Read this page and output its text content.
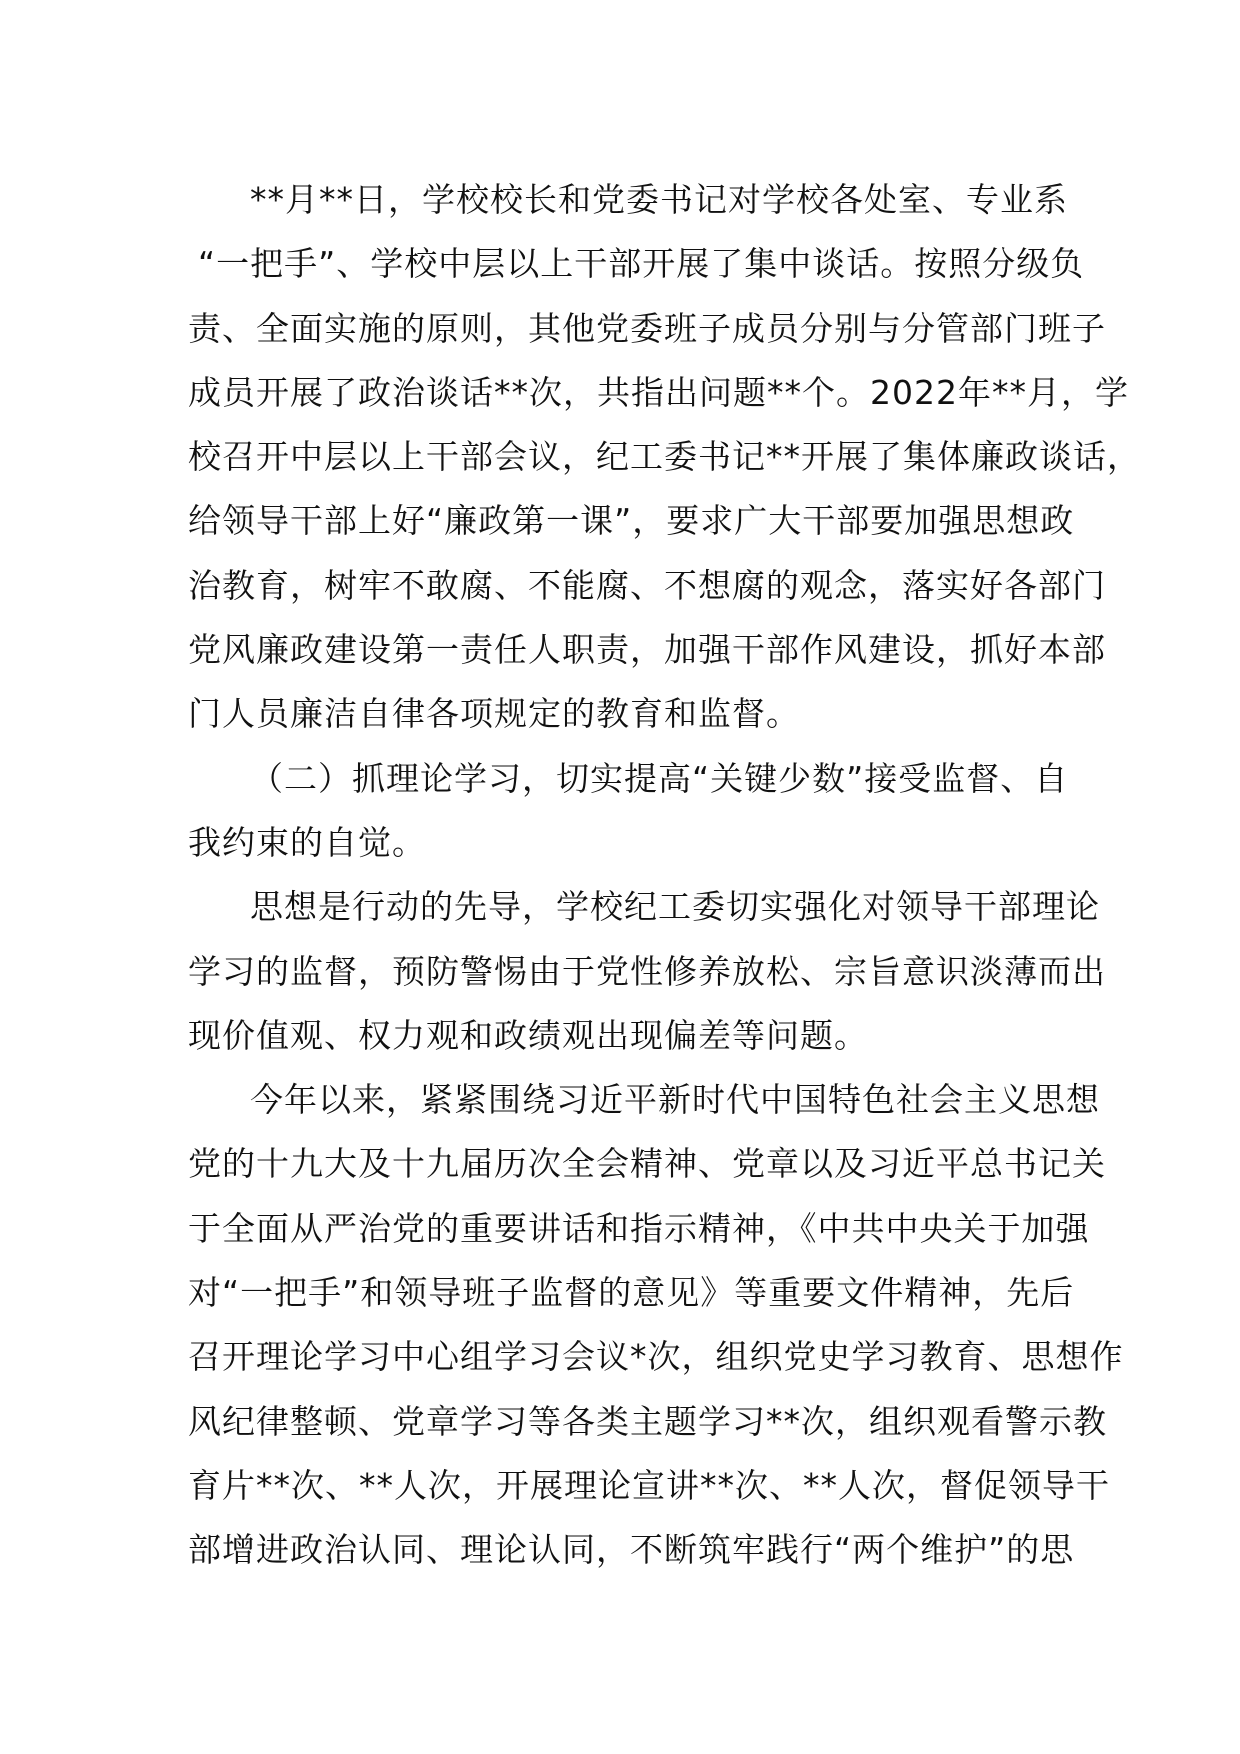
**月**日，学校校长和党委书记对学校各处室、专业系
“一把手”、学校中层以上干部开展了集中谈话。按照分级负
责、全面实施的原则，其他党委班子成员分别与分管部门班子
成员开展了政治谈话**次，共指出问题**个。2022年**月，学
校召开中层以上干部会议，纪工委书记**开展了集体廉政谈话，
给领导干部上好“廉政第一课”，要求广大干部要加强思想政
治教育，树牢不敢腐、不能腐、不想腐的观念，落实好各部门
党风廉政建设第一责任人职责，加强干部作风建设，抓好本部
门人员廉洁自律各项规定的教育和监督。
（二）抓理论学习，切实提高“关键少数”接受监督、自
我约束的自觉。
思想是行动的先导，学校纪工委切实强化对领导干部理论
学习的监督，预防警惕由于党性修养放松、宗旨意识淡薄而出
现价值观、权力观和政绩观出现偏差等问题。
今年以来，紧紧围绕习近平新时代中国特色社会主义思想
党的十九大及十九届历次全会精神、党章以及习近平总书记关
于全面从严治党的重要讲话和指示精神，《中共中央关于加强
对“一把手”和领导班子监督的意见》等重要文件精神，先后
召开理论学习中心组学习会议*次，组织党史学习教育、思想作
风纪律整顿、党章学习等各类主题学习**次，组织观看警示教
育片**次、**人次，开展理论宣讲**次、**人次，督促领导干
部增进政治认同、理论认同，不断筑牢践行“两个维护”的思
